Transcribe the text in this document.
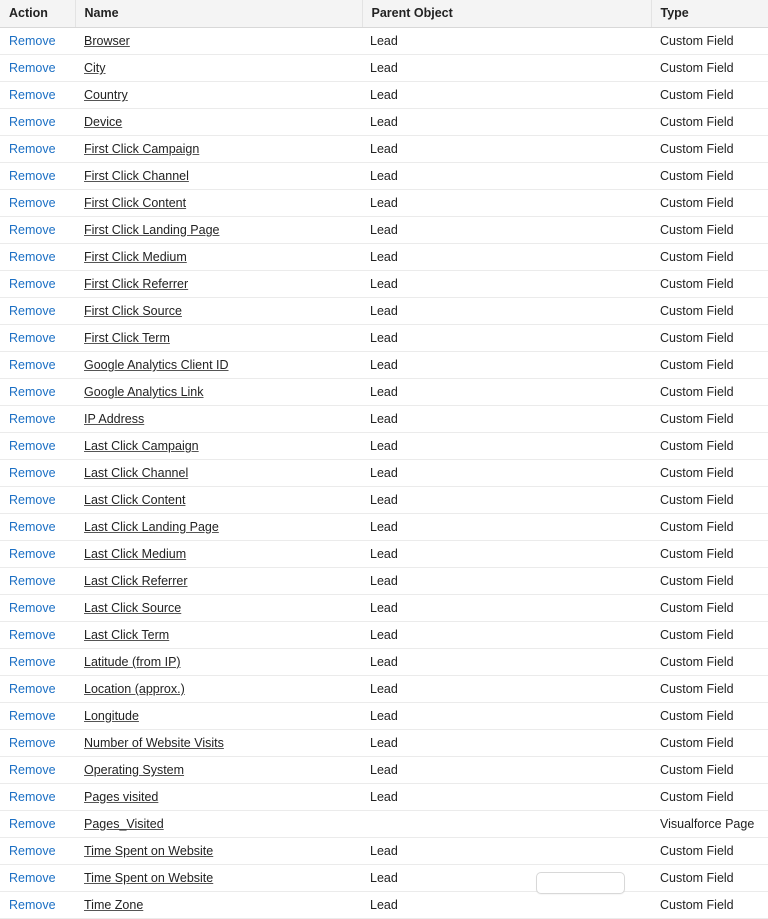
Action	Name	Parent Object	Type
Remove	Browser	Lead	Custom Field
Remove	City	Lead	Custom Field
Remove	Country	Lead	Custom Field
Remove	Device	Lead	Custom Field
Remove	First Click Campaign	Lead	Custom Field
Remove	First Click Channel	Lead	Custom Field
Remove	First Click Content	Lead	Custom Field
Remove	First Click Landing Page	Lead	Custom Field
Remove	First Click Medium	Lead	Custom Field
Remove	First Click Referrer	Lead	Custom Field
Remove	First Click Source	Lead	Custom Field
Remove	First Click Term	Lead	Custom Field
Remove	Google Analytics Client ID	Lead	Custom Field
Remove	Google Analytics Link	Lead	Custom Field
Remove	IP Address	Lead	Custom Field
Remove	Last Click Campaign	Lead	Custom Field
Remove	Last Click Channel	Lead	Custom Field
Remove	Last Click Content	Lead	Custom Field
Remove	Last Click Landing Page	Lead	Custom Field
Remove	Last Click Medium	Lead	Custom Field
Remove	Last Click Referrer	Lead	Custom Field
Remove	Last Click Source	Lead	Custom Field
Remove	Last Click Term	Lead	Custom Field
Remove	Latitude (from IP)	Lead	Custom Field
Remove	Location (approx.)	Lead	Custom Field
Remove	Longitude	Lead	Custom Field
Remove	Number of Website Visits	Lead	Custom Field
Remove	Operating System	Lead	Custom Field
Remove	Pages visited	Lead	Custom Field
Remove	Pages_Visited		Visualforce Page
Remove	Time Spent on Website	Lead	Custom Field
Remove	Time Spent on Website	Lead	Custom Field
Remove	Time Zone	Lead	Custom Field
